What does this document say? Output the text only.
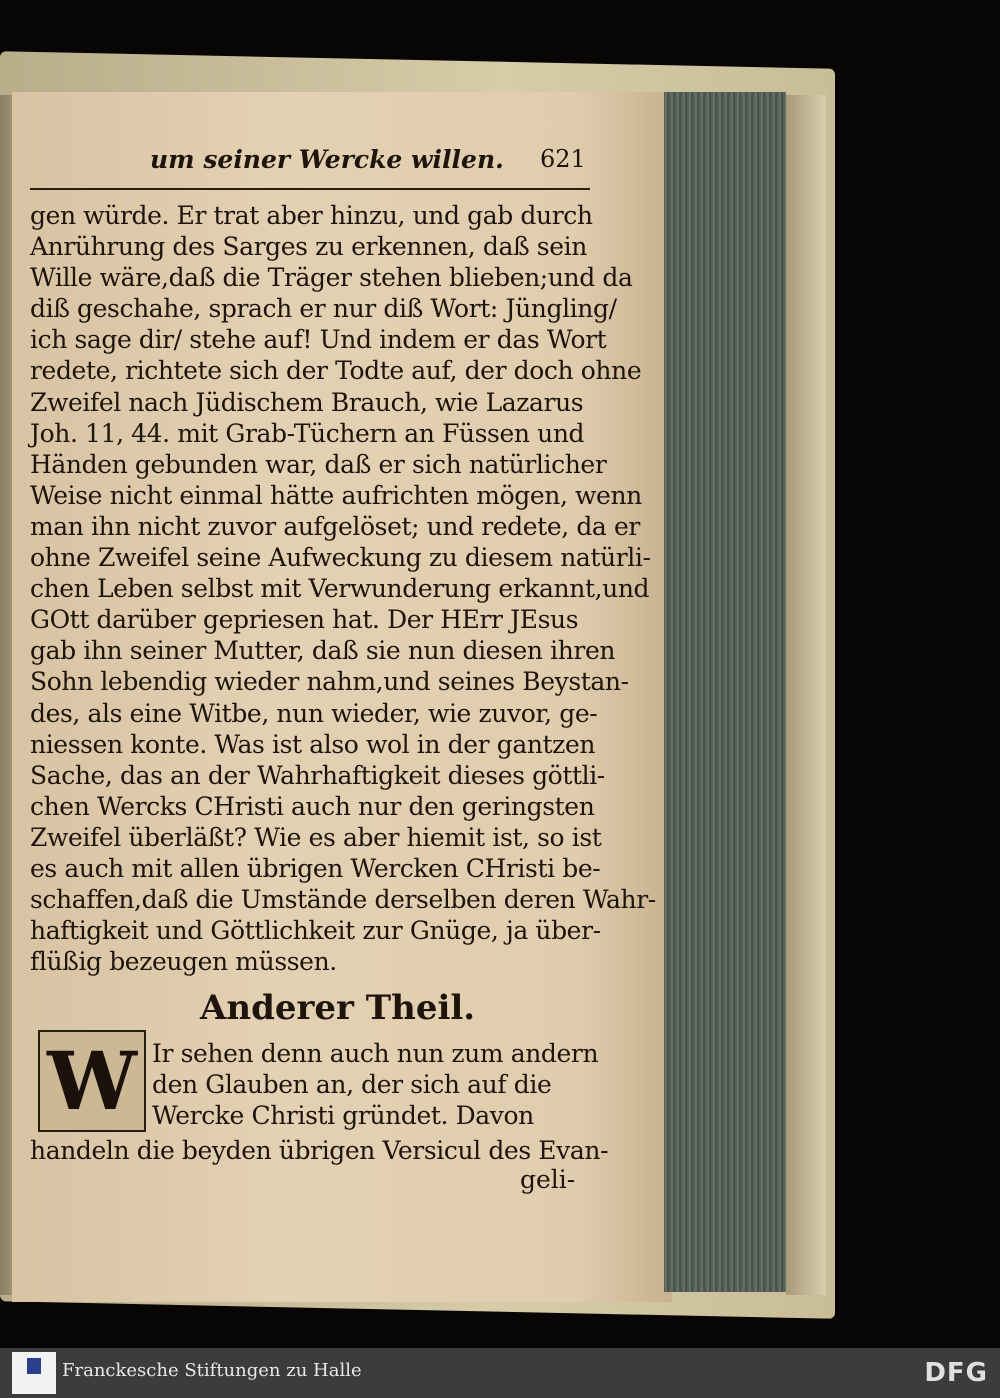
um seiner Wercke willen. 621
gen würde. Er trat aber hinzu, und gab durch
Anrührung des Sarges zu erkennen, daß sein
Wille wäre,daß die Träger stehen blieben;und da
diß geschahe, sprach er nur diß Wort: Jüngling/
ich sage dir/ stehe auf! Und indem er das Wort
redete, richtete sich der Todte auf, der doch ohne
Zweifel nach Jüdischem Brauch, wie Lazarus
Joh. 11, 44. mit Grab-Tüchern an Füssen und
Händen gebunden war, daß er sich natürlicher
Weise nicht einmal hätte aufrichten mögen, wenn
man ihn nicht zuvor aufgelöset; und redete, da er
ohne Zweifel seine Aufweckung zu diesem natürli-
chen Leben selbst mit Verwunderung erkannt,und
GOtt darüber gepriesen hat. Der HErr JEsus
gab ihn seiner Mutter, daß sie nun diesen ihren
Sohn lebendig wieder nahm,und seines Beystan-
des, als eine Witbe, nun wieder, wie zuvor, ge-
niessen konte. Was ist also wol in der gantzen
Sache, das an der Wahrhaftigkeit dieses göttli-
chen Wercks CHristi auch nur den geringsten
Zweifel überläßt? Wie es aber hiemit ist, so ist
es auch mit allen übrigen Wercken CHristi be-
schaffen,daß die Umstände derselben deren Wahr-
haftigkeit und Göttlichkeit zur Gnüge, ja über-
flüßig bezeugen müssen.
Anderer Theil.
W Ir sehen denn auch nun zum andern
den Glauben an, der sich auf die
Wercke Christi gründet. Davon
handeln die beyden übrigen Versicul des Evan-
geli-
Franckesche Stiftungen zu Halle	DFG
